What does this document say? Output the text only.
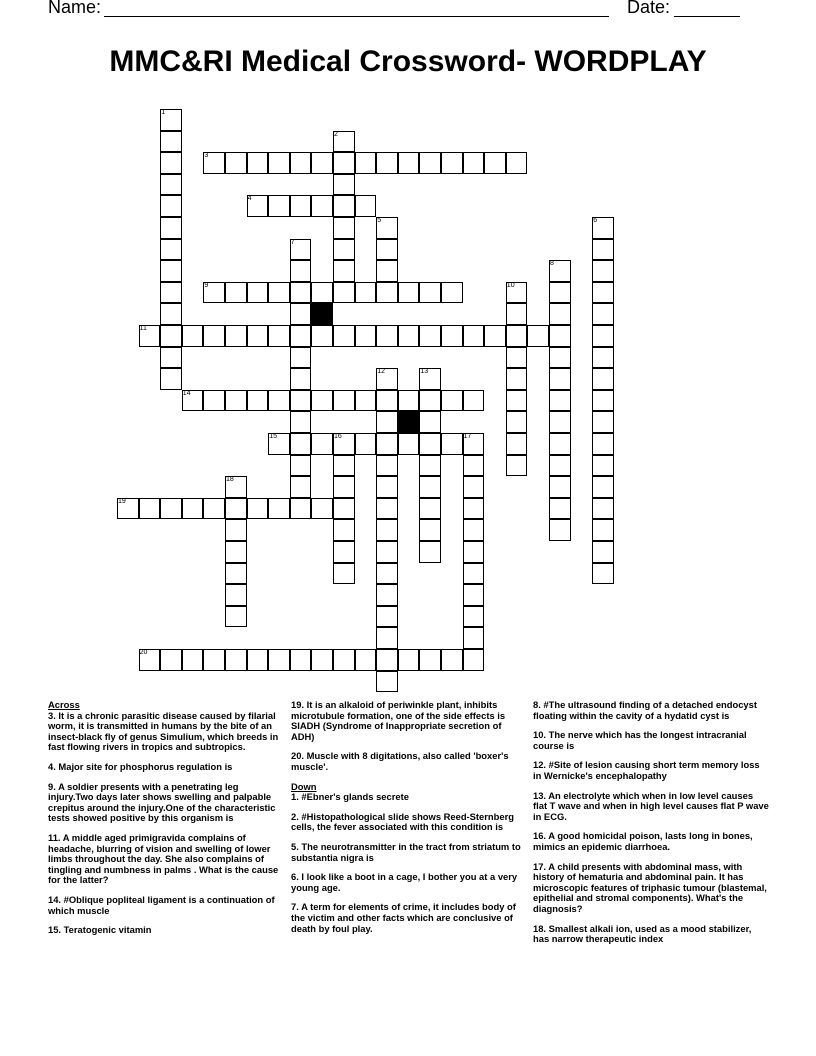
Name:	Date:
MMC&RI Medical Crossword- WORDPLAY
1
2
3
4
5	6
7
8
9	10
11
12	13
14
15	16	17
18
19
20
Across
3. It is a chronic parasitic disease caused by filarial worm, it is transmitted in humans by the bite of an insect-black fly of genus Simulium, which breeds in fast flowing rivers in tropics and subtropics.
4. Major site for phosphorus regulation is
9. A soldier presents with a penetrating leg injury.Two days later shows swelling and palpable crepitus around the injury.One of the characteristic tests showed positive by this organism is
11. A middle aged primigravida complains of headache, blurring of vision and swelling of lower limbs throughout the day. She also complains of tingling and numbness in palms . What is the cause for the latter?
14. #Oblique popliteal ligament is a continuation of which muscle
15. Teratogenic vitamin
19. It is an alkaloid of periwinkle plant, inhibits microtubule formation, one of the side effects is SIADH (Syndrome of Inappropriate secretion of ADH)
20. Muscle with 8 digitations, also called 'boxer's muscle'.
Down
1. #Ebner's glands secrete
2. #Histopathological slide shows Reed-Sternberg cells, the fever associated with this condition is
5. The neurotransmitter in the tract from striatum to substantia nigra is
6. I look like a boot in a cage, I bother you at a very young age.
7. A term for elements of crime, it includes body of the victim and other facts which are conclusive of death by foul play.
8. #The ultrasound finding of a detached endocyst floating within the cavity of a hydatid cyst is
10. The nerve which has the longest intracranial course is
12. #Site of lesion causing short term memory loss in Wernicke's encephalopathy
13. An electrolyte which when in low level causes flat T wave and when in high level causes flat P wave in ECG.
16. A good homicidal poison, lasts long in bones, mimics an epidemic diarrhoea.
17. A child presents with abdominal mass, with history of hematuria and abdominal pain. It has microscopic features of triphasic tumour (blastemal, epithelial and stromal components). What's the diagnosis?
18. Smallest alkali ion, used as a mood stabilizer, has narrow therapeutic index
